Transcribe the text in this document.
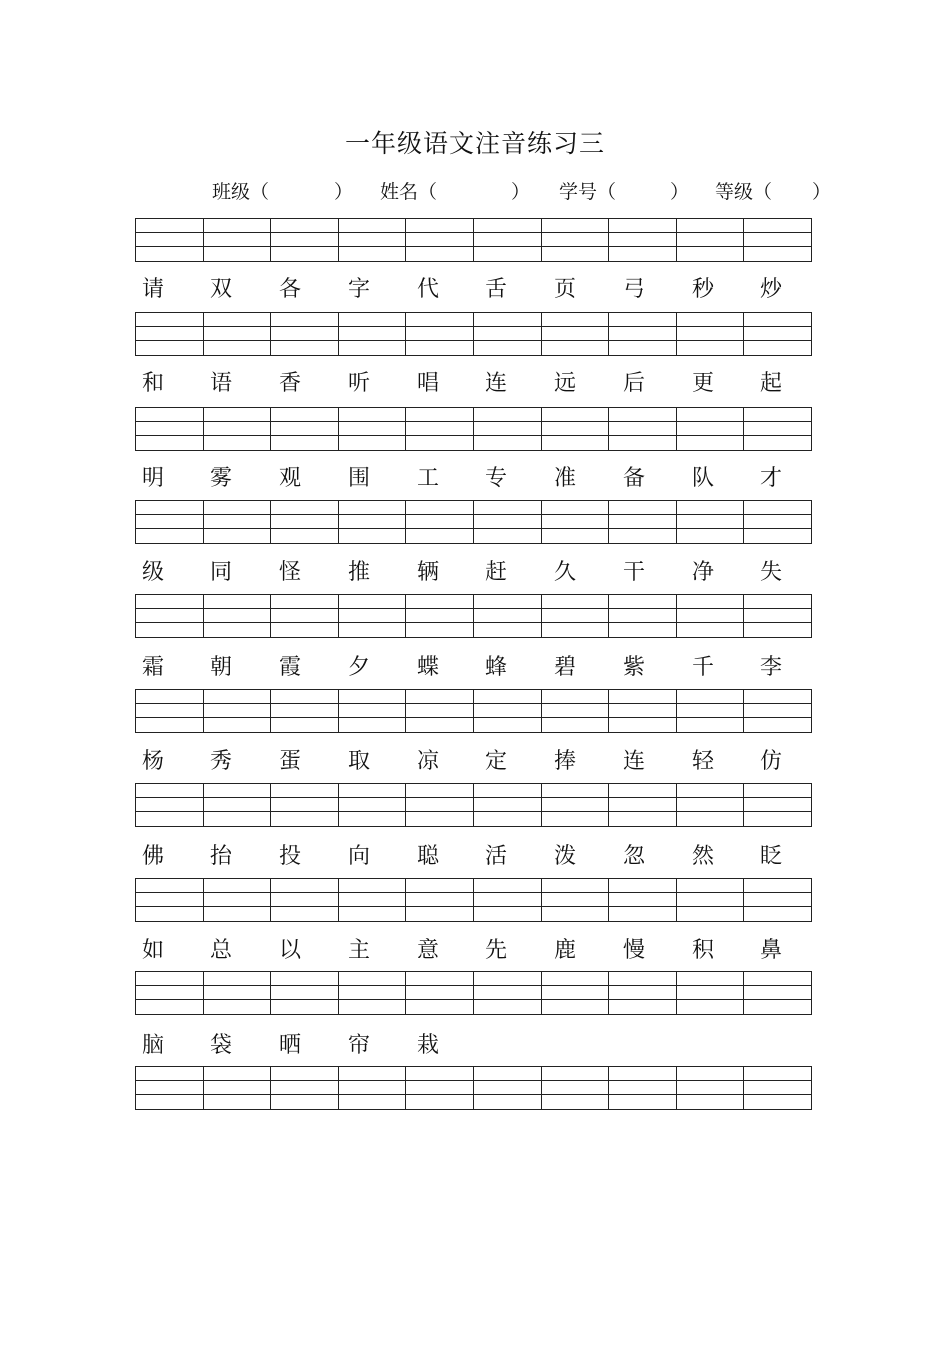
一年级语文注音练习三
班级（	） 姓名（	） 学号（	） 等级（ ）
请	双	各	字	代	舌	页	弓	秒	炒
和	语	香	听	唱	连	远	后	更	起
明	雾	观	围	工	专	准	备	队	才
级	同	怪	推	辆	赶	久	干	净	失
霜	朝	霞	夕	蝶	蜂	碧	紫	千	李
杨	秀	蛋	取	凉	定	捧	连	轻	仿
佛	抬	投	向	聪	活	泼	忽	然	眨
如	总	以	主	意	先	鹿	慢	积	鼻
脑	袋	晒	帘	栽
